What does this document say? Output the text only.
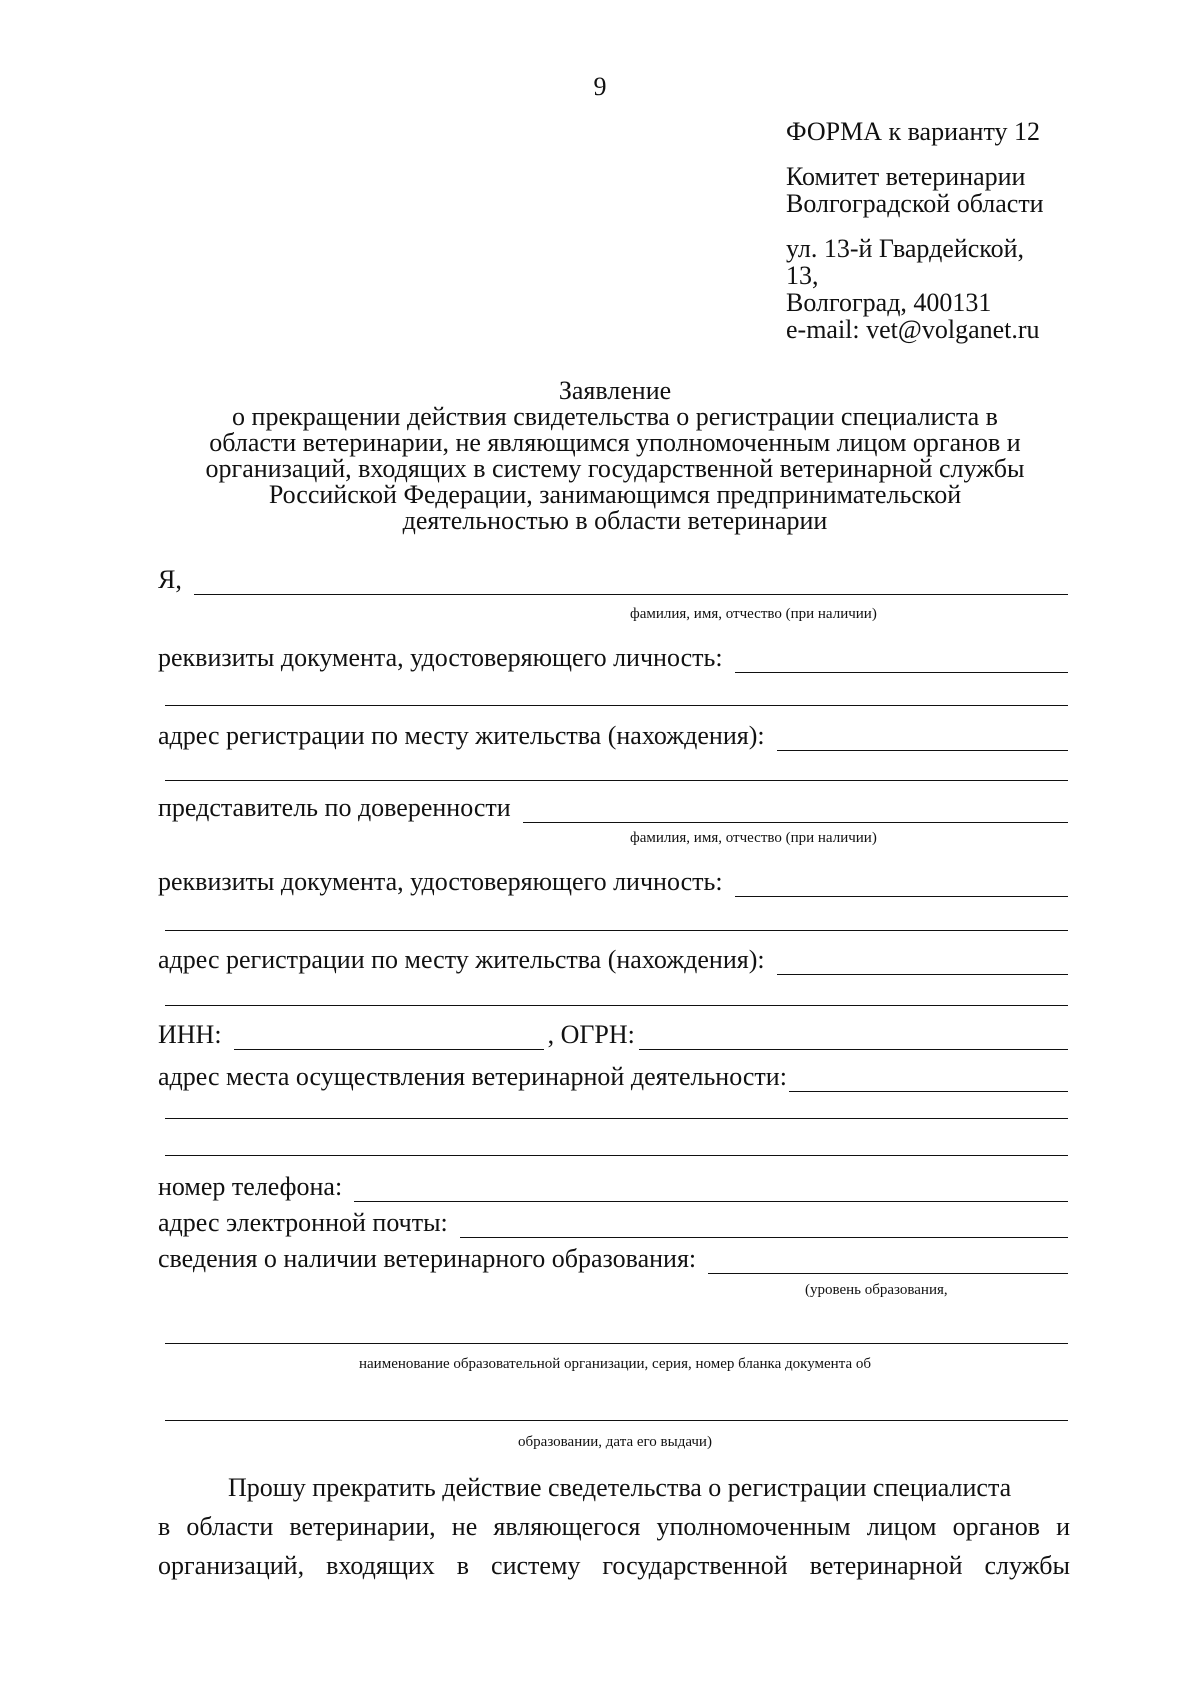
9
ФОРМА к варианту 12
Комитет ветеринарии
Волгоградской области
ул. 13-й Гвардейской,
13,
Волгоград, 400131
e-mail: vet@volganet.ru
Заявление
о прекращении действия свидетельства о регистрации специалиста в
области ветеринарии, не являющимся уполномоченным лицом органов и
организаций, входящих в систему государственной ветеринарной службы
Российской Федерации, занимающимся предпринимательской
деятельностью в области ветеринарии
Я,
фамилия, имя, отчество (при наличии)
реквизиты документа, удостоверяющего личность:
адрес регистрации по месту жительства (нахождения):
представитель по доверенности
фамилия, имя, отчество (при наличии)
реквизиты документа, удостоверяющего личность:
адрес регистрации по месту жительства (нахождения):
ИНН:	, ОГРН:
адрес места осуществления ветеринарной деятельности:
номер телефона:
адрес электронной почты:
сведения о наличии ветеринарного образования:
(уровень образования,
наименование образовательной организации, серия, номер бланка документа об
образовании, дата его выдачи)
Прошу прекратить действие сведетельства о регистрации специалиста
в области ветеринарии, не являющегося уполномоченным лицом органов и
организаций, входящих в систему государственной ветеринарной службы
